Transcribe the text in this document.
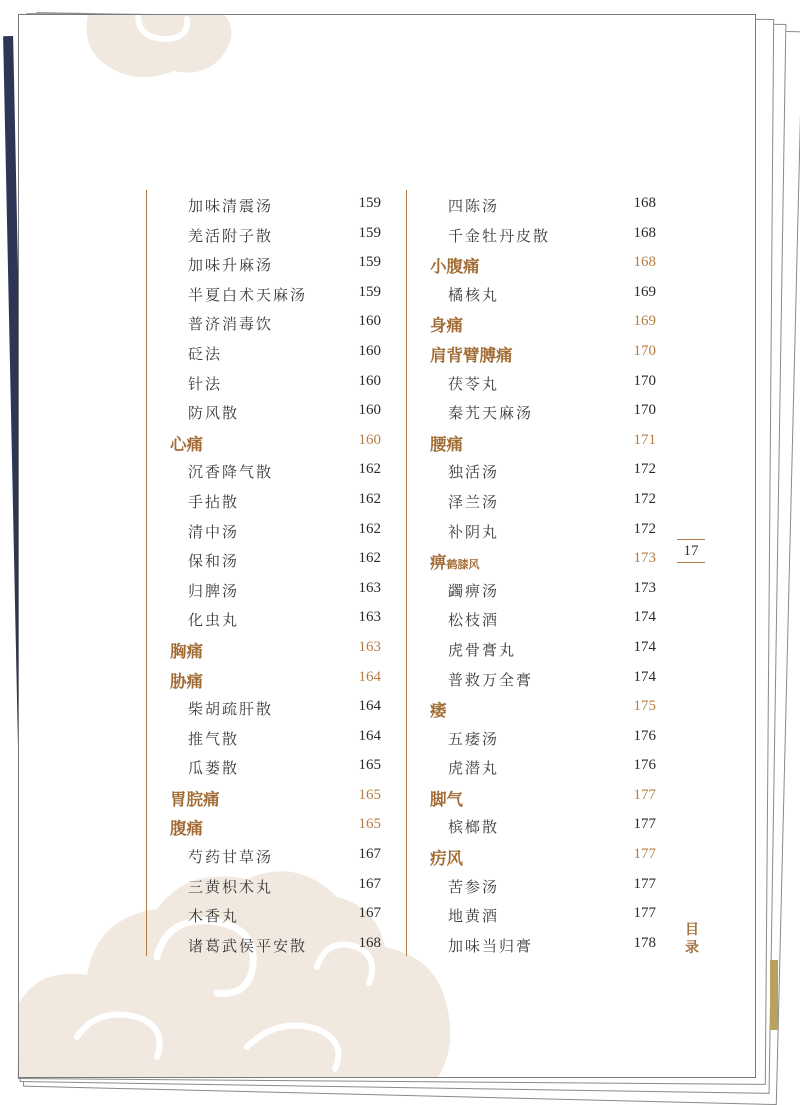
加味清震汤	159
羌活附子散	159
加味升麻汤	159
半夏白术天麻汤	159
普济消毒饮	160
砭法	160
针法	160
防风散	160
心痛	160
沉香降气散	162
手拈散	162
清中汤	162
保和汤	162
归脾汤	163
化虫丸	163
胸痛	163
胁痛	164
柴胡疏肝散	164
推气散	164
瓜蒌散	165
胃脘痛	165
腹痛	165
芍药甘草汤	167
三黄枳术丸	167
木香丸	167
诸葛武侯平安散	168
四陈汤	168
千金牡丹皮散	168
小腹痛	168
橘核丸	169
身痛	169
肩背臂膊痛	170
茯苓丸	170
秦艽天麻汤	170
腰痛	171
独活汤	172
泽兰汤	172
补阴丸	172
痹鹤膝风	173
蠲痹汤	173
松枝酒	174
虎骨膏丸	174
普救万全膏	174
痿	175
五痿汤	176
虎潜丸	176
脚气	177
槟榔散	177
疠风	177
苦参汤	177
地黄酒	177
加味当归膏	178
17
目录
